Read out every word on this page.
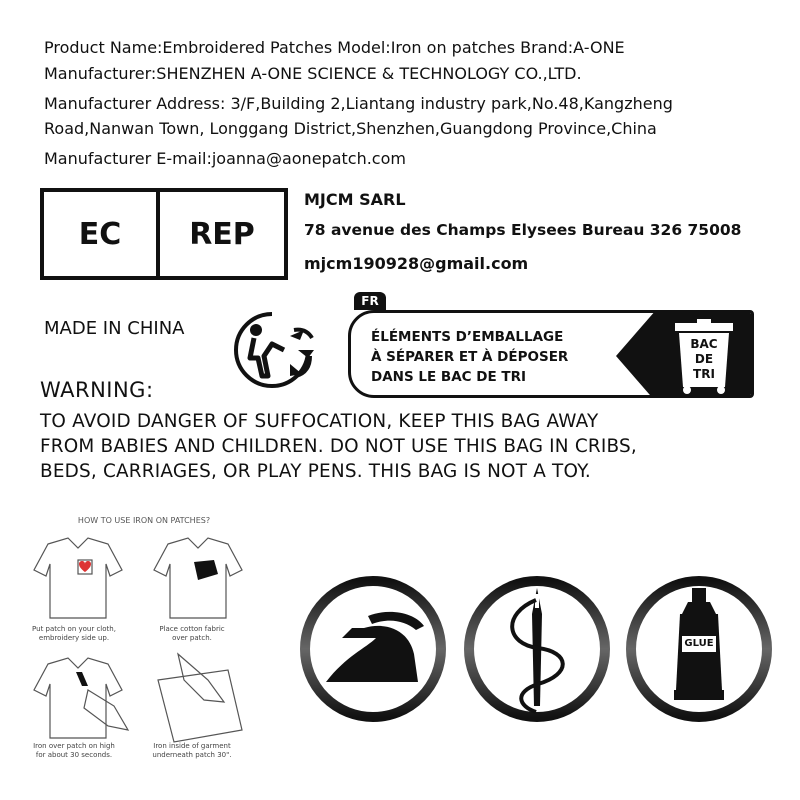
Product Name:Embroidered Patches Model:Iron on patches Brand:A-ONE
Manufacturer:SHENZHEN A-ONE SCIENCE & TECHNOLOGY CO.,LTD.
Manufacturer Address: 3/F,Building 2,Liantang industry park,No.48,Kangzheng
Road,Nanwan Town, Longgang District,Shenzhen,Guangdong Province,China
Manufacturer E-mail:joanna@aonepatch.com
EC REP
MJCM SARL
78 avenue des Champs Elysees Bureau 326 75008
mjcm190928@gmail.com
MADE IN CHINA
FR
ÉLÉMENTS D’EMBALLAGE
À SÉPARER ET À DÉPOSER
DANS LE BAC DE TRI
BAC
DE
TRI
WARNING:
TO AVOID DANGER OF SUFFOCATION, KEEP THIS BAG AWAY
FROM BABIES AND CHILDREN. DO NOT USE THIS BAG IN CRIBS,
BEDS, CARRIAGES, OR PLAY PENS. THIS BAG IS NOT A TOY.
HOW TO USE IRON ON PATCHES?
Put patch on your cloth,
embroidery side up.
Place cotton fabric
over patch.
Iron over patch on high
for about 30 seconds.
Iron inside of garment
underneath patch 30".
GLUE
